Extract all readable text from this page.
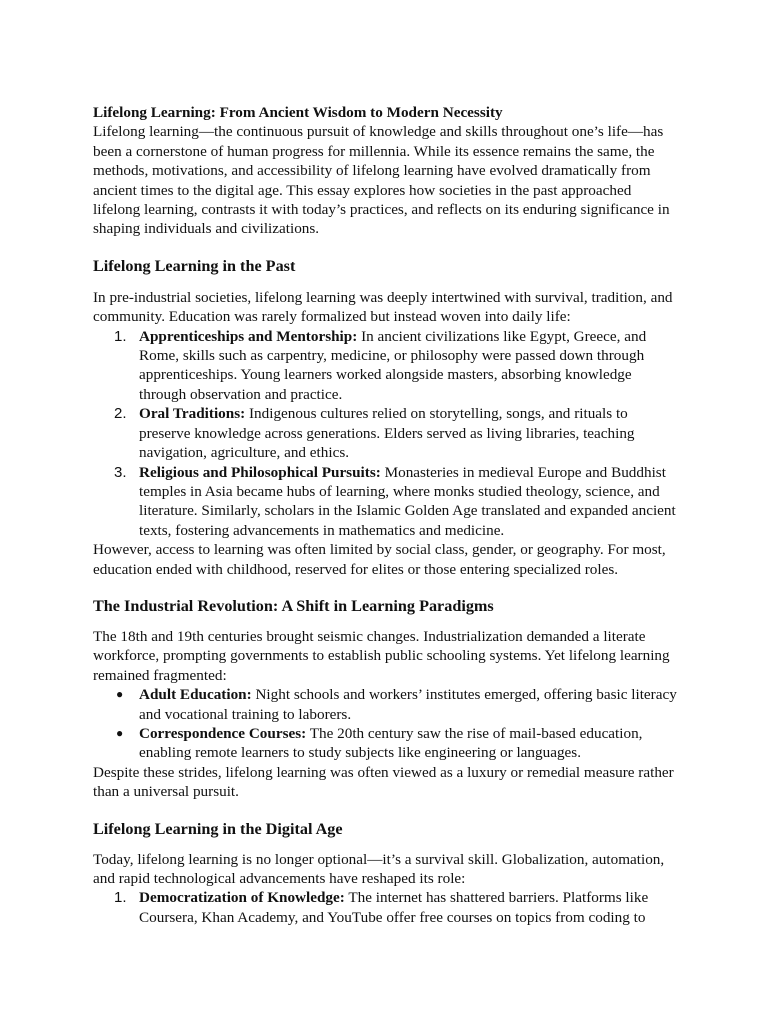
Lifelong Learning: From Ancient Wisdom to Modern Necessity

Lifelong learning—the continuous pursuit of knowledge and skills throughout one’s life—has been a cornerstone of human progress for millennia. While its essence remains the same, the methods, motivations, and accessibility of lifelong learning have evolved dramatically from ancient times to the digital age. This essay explores how societies in the past approached lifelong learning, contrasts it with today’s practices, and reflects on its enduring significance in shaping individuals and civilizations.

Lifelong Learning in the Past

In pre-industrial societies, lifelong learning was deeply intertwined with survival, tradition, and community. Education was rarely formalized but instead woven into daily life:

1. Apprenticeships and Mentorship: In ancient civilizations like Egypt, Greece, and Rome, skills such as carpentry, medicine, or philosophy were passed down through apprenticeships. Young learners worked alongside masters, absorbing knowledge through observation and practice.
2. Oral Traditions: Indigenous cultures relied on storytelling, songs, and rituals to preserve knowledge across generations. Elders served as living libraries, teaching navigation, agriculture, and ethics.
3. Religious and Philosophical Pursuits: Monasteries in medieval Europe and Buddhist temples in Asia became hubs of learning, where monks studied theology, science, and literature. Similarly, scholars in the Islamic Golden Age translated and expanded ancient texts, fostering advancements in mathematics and medicine.

However, access to learning was often limited by social class, gender, or geography. For most, education ended with childhood, reserved for elites or those entering specialized roles.

The Industrial Revolution: A Shift in Learning Paradigms

The 18th and 19th centuries brought seismic changes. Industrialization demanded a literate workforce, prompting governments to establish public schooling systems. Yet lifelong learning remained fragmented:

● Adult Education: Night schools and workers’ institutes emerged, offering basic literacy and vocational training to laborers.
● Correspondence Courses: The 20th century saw the rise of mail-based education, enabling remote learners to study subjects like engineering or languages.

Despite these strides, lifelong learning was often viewed as a luxury or remedial measure rather than a universal pursuit.

Lifelong Learning in the Digital Age

Today, lifelong learning is no longer optional—it’s a survival skill. Globalization, automation, and rapid technological advancements have reshaped its role:

1. Democratization of Knowledge: The internet has shattered barriers. Platforms like Coursera, Khan Academy, and YouTube offer free courses on topics from coding to
